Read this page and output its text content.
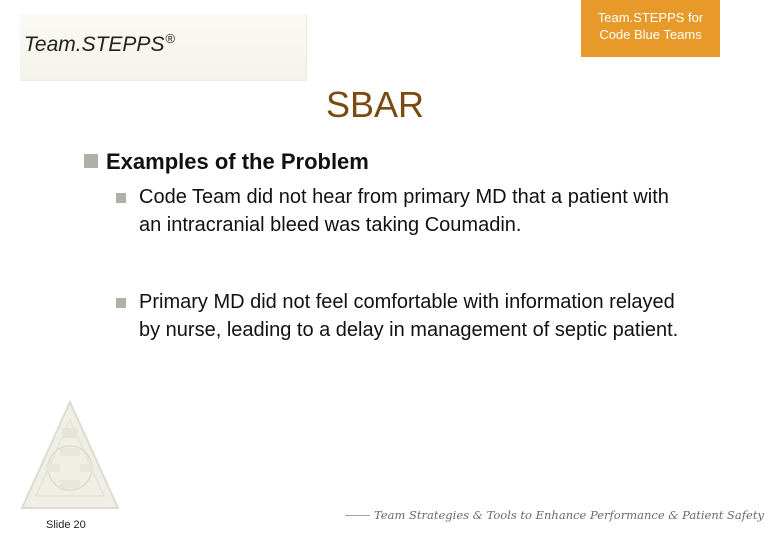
Team.STEPPS®
Team.STEPPS for
Code Blue Teams
SBAR
Examples of the Problem
Code Team did not hear from primary MD that a patient with an intracranial bleed was taking Coumadin.
Primary MD did not feel comfortable with information relayed by nurse, leading to a delay in management of septic patient.
Slide 20
Team Strategies & Tools to Enhance Performance & Patient Safety
